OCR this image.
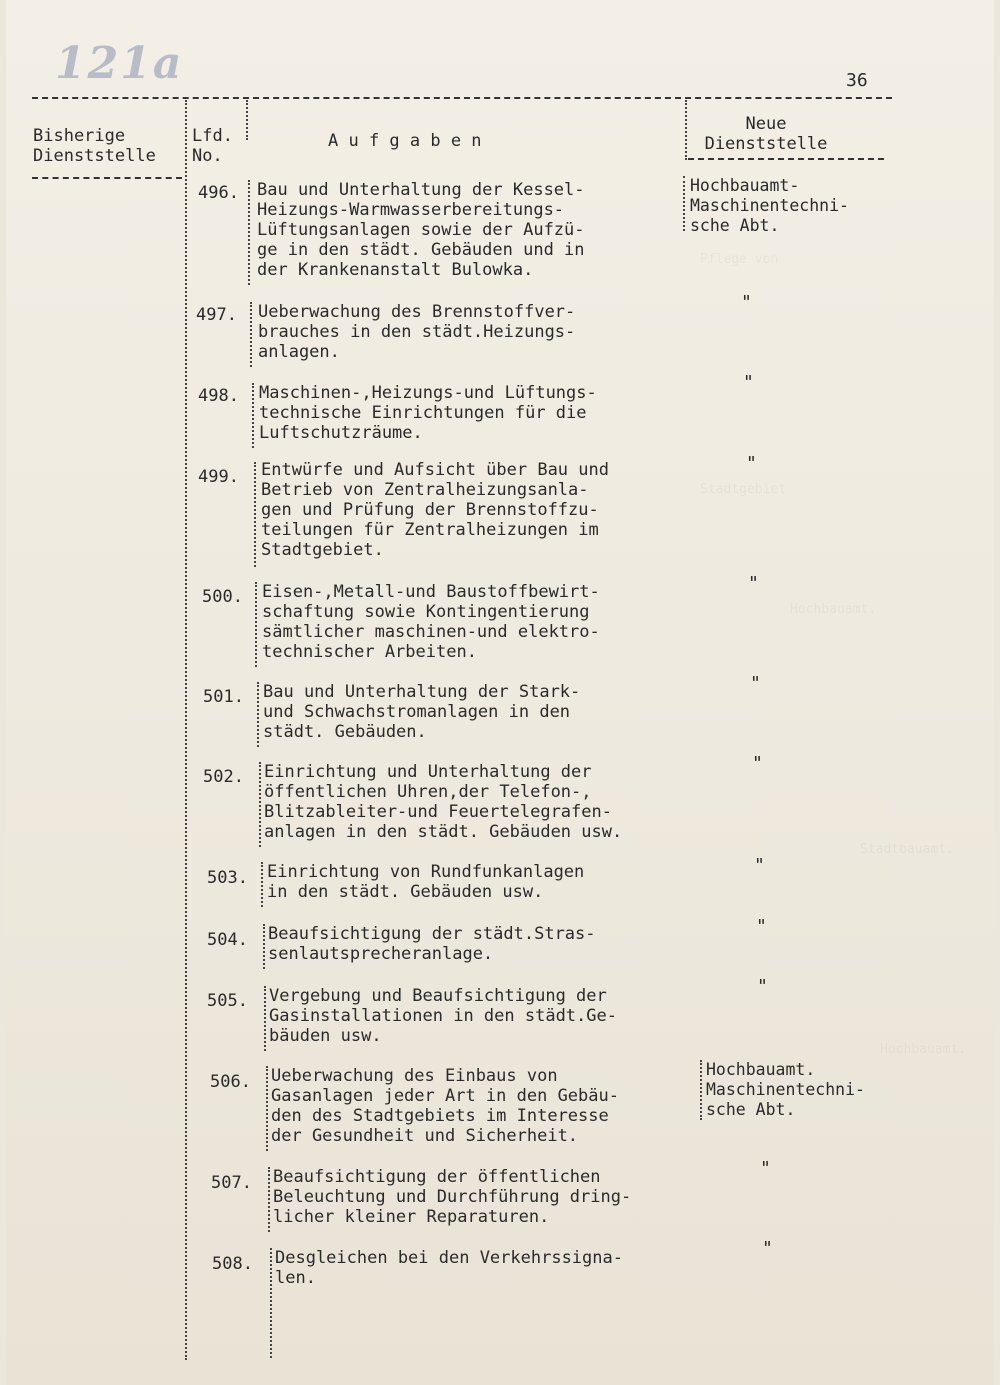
Pflege von
Stadtgebiet
Hochbauamt.
Stadtbauamt.
Hochbauamt.
121a	36
Bisherige
Dienststelle
Lfd.
No.
A u f g a b e n
Neue
Dienststelle
496. Bau und Unterhaltung der Kessel-
Heizungs-Warmwasserbereitungs-
Lüftungsanlagen sowie der Aufzü-
ge in den städt. Gebäuden und in
der Krankenanstalt Bulowka.
Hochbauamt-
Maschinentechni-
sche Abt.
497. Ueberwachung des Brennstoffver-
brauches in den städt.Heizungs-
anlagen.
"
498. Maschinen-,Heizungs-und Lüftungs-
technische Einrichtungen für die
Luftschutzräume.
"
499. Entwürfe und Aufsicht über Bau und
Betrieb von Zentralheizungsanla-
gen und Prüfung der Brennstoffzu-
teilungen für Zentralheizungen im
Stadtgebiet.
"
500. Eisen-,Metall-und Baustoffbewirt-
schaftung sowie Kontingentierung
sämtlicher maschinen-und elektro-
technischer Arbeiten.
"
501. Bau und Unterhaltung der Stark-
und Schwachstromanlagen in den
städt. Gebäuden.
"
502. Einrichtung und Unterhaltung der
öffentlichen Uhren,der Telefon-,
Blitzableiter-und Feuertelegrafen-
anlagen in den städt. Gebäuden usw.
"
503. Einrichtung von Rundfunkanlagen
in den städt. Gebäuden usw.
"
504. Beaufsichtigung der städt.Stras-
senlautsprecheranlage.
"
505. Vergebung und Beaufsichtigung der
Gasinstallationen in den städt.Ge-
bäuden usw.
"
506. Ueberwachung des Einbaus von
Gasanlagen jeder Art in den Gebäu-
den des Stadtgebiets im Interesse
der Gesundheit und Sicherheit.
Hochbauamt.
Maschinentechni-
sche Abt.
507. Beaufsichtigung der öffentlichen
Beleuchtung und Durchführung dring-
licher kleiner Reparaturen.
"
508. Desgleichen bei den Verkehrssigna-
len.
"
